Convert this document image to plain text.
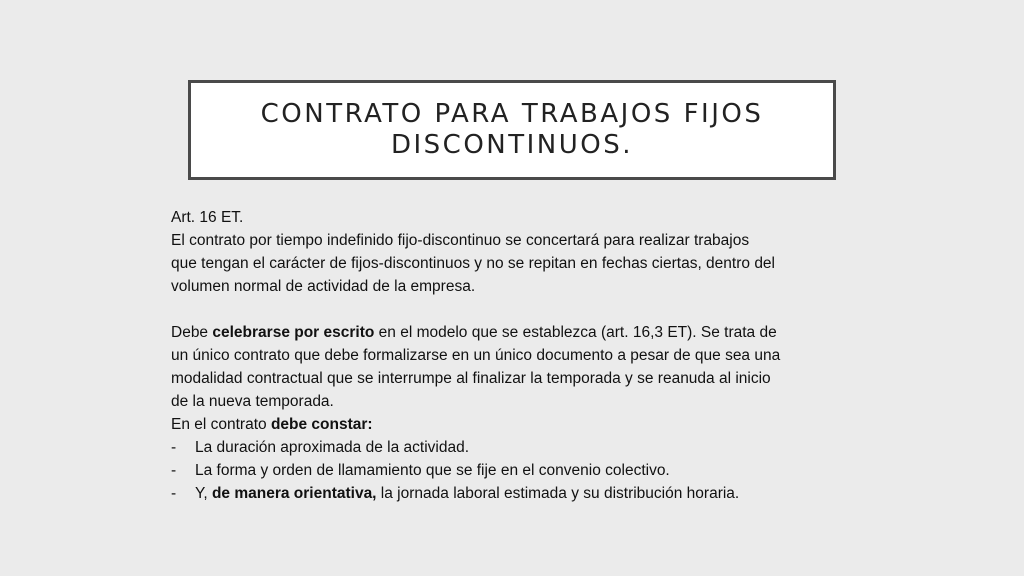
CONTRATO PARA TRABAJOS FIJOS
DISCONTINUOS.
Art. 16 ET.
El contrato por tiempo indefinido fijo-discontinuo se concertará para realizar trabajos
que tengan el carácter de fijos-discontinuos y no se repitan en fechas ciertas, dentro del
volumen normal de actividad de la empresa.
Debe celebrarse por escrito en el modelo que se establezca (art. 16,3 ET). Se trata de
un único contrato que debe formalizarse en un único documento a pesar de que sea una
modalidad contractual que se interrumpe al finalizar la temporada y se reanuda al inicio
de la nueva temporada.
En el contrato debe constar:
-	La duración aproximada de la actividad.
-	La forma y orden de llamamiento que se fije en el convenio colectivo.
-	Y, de manera orientativa, la jornada laboral estimada y su distribución horaria.
